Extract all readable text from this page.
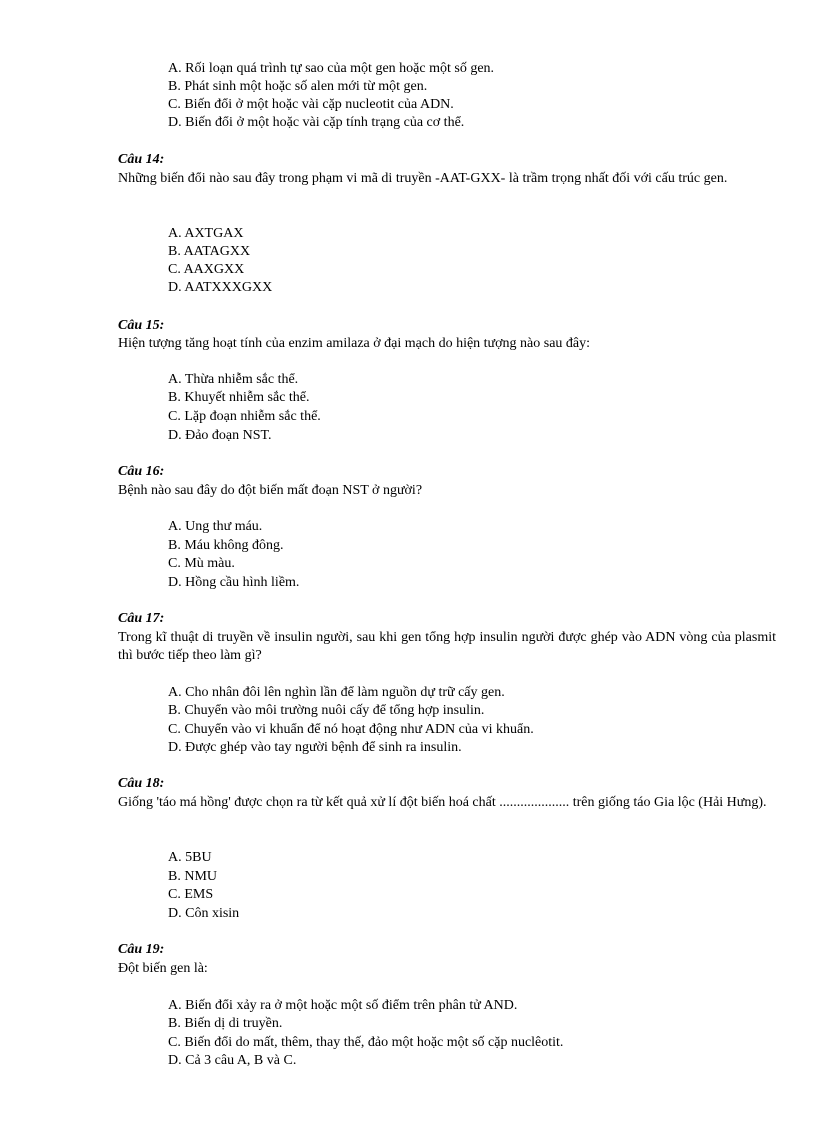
A. Rối loạn quá trình tự sao của một gen hoặc một số gen.
B. Phát sinh một hoặc số alen mới từ một gen.
C. Biến đổi ở một hoặc vài cặp nucleotit của ADN.
D. Biến đổi ở một hoặc vài cặp tính trạng của cơ thể.
Câu 14:
Những biến đổi nào sau đây trong phạm vi mã di truyền -AAT-GXX- là trầm trọng nhất đối với cấu trúc gen.
A. AXTGAX
B. AATAGXX
C. AAXGXX
D. AATXXXGXX
Câu 15:
Hiện tượng tăng hoạt tính của enzim amilaza ở đại mạch do hiện tượng nào sau đây:
A. Thừa nhiễm sắc thể.
B. Khuyết nhiễm sắc thể.
C. Lặp đoạn nhiễm sắc thể.
D. Đảo đoạn NST.
Câu 16:
Bệnh nào sau đây do đột biến mất đoạn NST ở người?
A. Ung thư máu.
B. Máu không đông.
C. Mù màu.
D. Hồng cầu hình liềm.
Câu 17:
Trong kĩ thuật di truyền về insulin người, sau khi gen tổng hợp insulin người được ghép vào ADN vòng của plasmit thì bước tiếp theo làm gì?
A. Cho nhân đôi lên nghìn lần để làm nguồn dự trữ cấy gen.
B. Chuyển vào môi trường nuôi cấy để tổng hợp insulin.
C. Chuyển vào vi khuẩn để nó hoạt động như ADN của vi khuẩn.
D. Được ghép vào tay người bệnh để sinh ra insulin.
Câu 18:
Giống 'táo má hồng' được chọn ra từ kết quả xử lí đột biến hoá chất .................... trên giống táo Gia lộc (Hải Hưng).
A. 5BU
B. NMU
C. EMS
D. Côn xisin
Câu 19:
Đột biến gen là:
A. Biến đổi xảy ra ở một hoặc một số điểm trên phân tử AND.
B. Biến dị di truyền.
C. Biến đổi do mất, thêm, thay thế, đảo một hoặc một số cặp nuclêotit.
D. Cả 3 câu A, B và C.
